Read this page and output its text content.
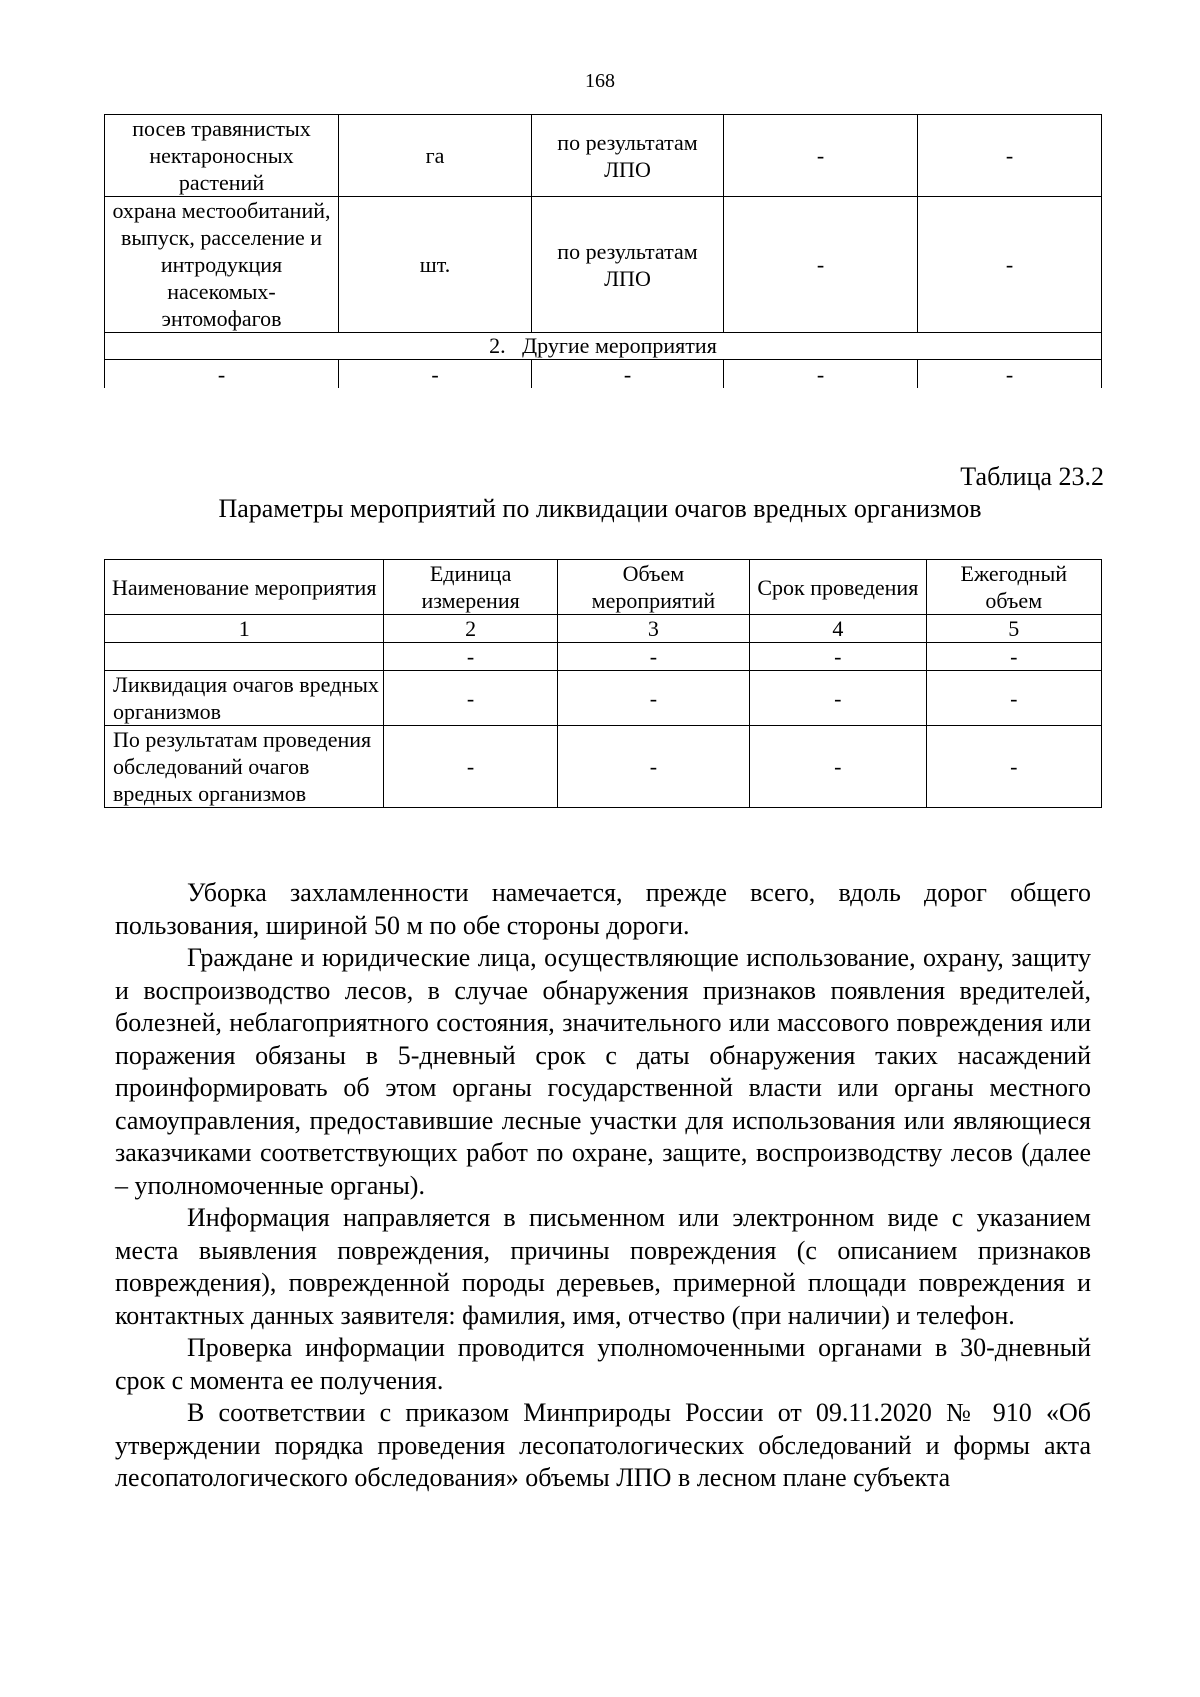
168
посев травянистых нектароносных растений	га	по результатам ЛПО	-	-
охрана местообитаний, выпуск, расселение и интродукция насекомых-энтомофагов	шт.	по результатам ЛПО	-	-
2. Другие мероприятия				
-	-	-	-	-
Таблица 23.2
Параметры мероприятий по ликвидации очагов вредных организмов
Наименование мероприятия	Единица измерения	Объем мероприятий	Срок проведения	Ежегодный объем
1	2	3	4	5
	-	-	-	-
Ликвидация очагов вредных организмов	-	-	-	-
По результатам проведения обследований очагов вредных организмов	-	-	-	-

Уборка захламленности намечается, прежде всего, вдоль дорог общего пользования, шириной 50 м по обе стороны дороги.

Граждане и юридические лица, осуществляющие использование, охрану, защиту и воспроизводство лесов, в случае обнаружения признаков появления вредителей, болезней, неблагоприятного состояния, значительного или массового повреждения или поражения обязаны в 5-дневный срок с даты обнаружения таких насаждений проинформировать об этом органы государственной власти или органы местного самоуправления, предоставившие лесные участки для использования или являющиеся заказчиками соответствующих работ по охране, защите, воспроизводству лесов (далее – уполномоченные органы).

Информация направляется в письменном или электронном виде с указанием места выявления повреждения, причины повреждения (с описанием признаков повреждения), поврежденной породы деревьев, примерной площади повреждения и контактных данных заявителя: фамилия, имя, отчество (при наличии) и телефон.

Проверка информации проводится уполномоченными органами в 30-дневный срок с момента ее получения.

В соответствии с приказом Минприроды России от 09.11.2020 № 910 «Об утверждении порядка проведения лесопатологических обследований и формы акта лесопатологического обследования» объемы ЛПО в лесном плане субъекта
